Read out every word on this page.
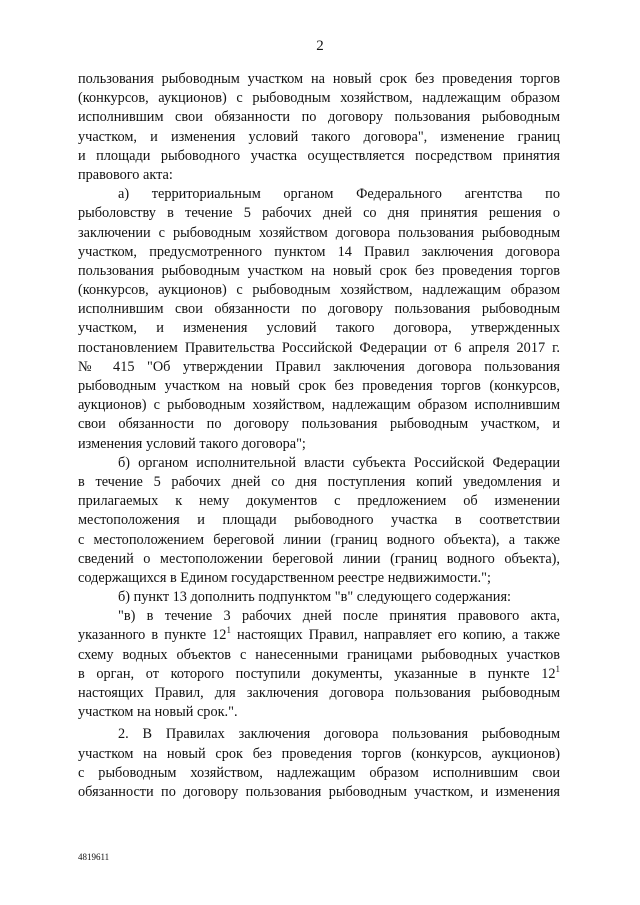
2
пользования рыбоводным участком на новый срок без проведения торгов
(конкурсов, аукционов) с рыбоводным хозяйством, надлежащим образом
исполнившим свои обязанности по договору пользования рыбоводным
участком, и изменения условий такого договора", изменение границ
и площади рыбоводного участка осуществляется посредством принятия
правового акта:
а) территориальным органом Федерального агентства по
рыболовству в течение 5 рабочих дней со дня принятия решения о
заключении с рыбоводным хозяйством договора пользования рыбоводным
участком, предусмотренного пунктом 14 Правил заключения договора
пользования рыбоводным участком на новый срок без проведения торгов
(конкурсов, аукционов) с рыбоводным хозяйством, надлежащим образом
исполнившим свои обязанности по договору пользования рыбоводным
участком, и изменения условий такого договора, утвержденных
постановлением Правительства Российской Федерации от 6 апреля 2017 г.
№ 415 "Об утверждении Правил заключения договора пользования
рыбоводным участком на новый срок без проведения торгов (конкурсов,
аукционов) с рыбоводным хозяйством, надлежащим образом исполнившим
свои обязанности по договору пользования рыбоводным участком, и
изменения условий такого договора";
б) органом исполнительной власти субъекта Российской Федерации
в течение 5 рабочих дней со дня поступления копий уведомления и
прилагаемых к нему документов с предложением об изменении
местоположения и площади рыбоводного участка в соответствии
с местоположением береговой линии (границ водного объекта), а также
сведений о местоположении береговой линии (границ водного объекта),
содержащихся в Едином государственном реестре недвижимости.";
б) пункт 13 дополнить подпунктом "в" следующего содержания:
"в) в течение 3 рабочих дней после принятия правового акта,
указанного в пункте $12^1$ настоящих Правил, направляет его копию, а также
схему водных объектов с нанесенными границами рыбоводных участков
в орган, от которого поступили документы, указанные в пункте $12^1$
настоящих Правил, для заключения договора пользования рыбоводным
участком на новый срок.".
2. В Правилах заключения договора пользования рыбоводным
участком на новый срок без проведения торгов (конкурсов, аукционов)
с рыбоводным хозяйством, надлежащим образом исполнившим свои
обязанности по договору пользования рыбоводным участком, и изменения
4819611
